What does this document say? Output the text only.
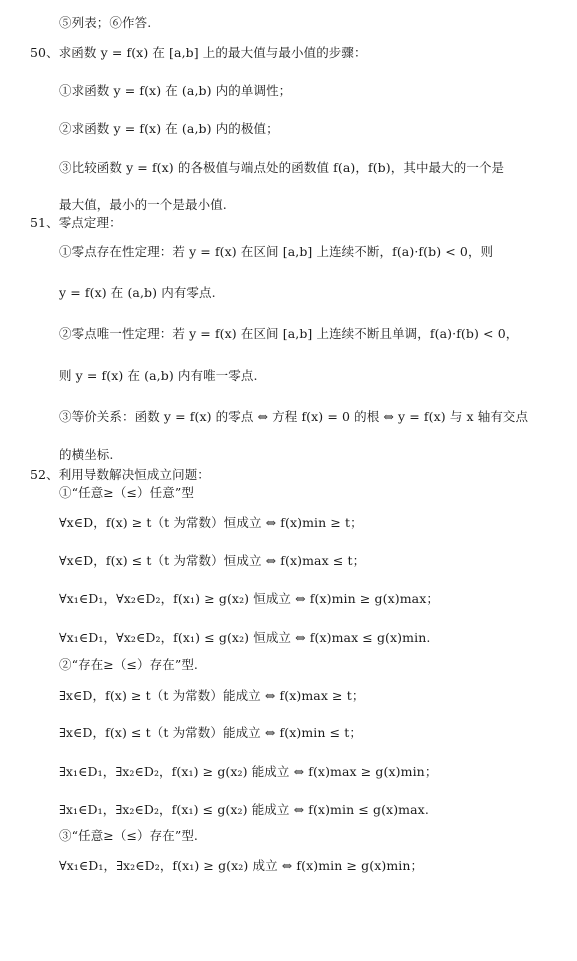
⑤列表；⑥作答.
50、求函数 y = f(x) 在 [a,b] 上的最大值与最小值的步骤：
①求函数 y = f(x) 在 (a,b) 内的单调性；
②求函数 y = f(x) 在 (a,b) 内的极值；
③比较函数 y = f(x) 的各极值与端点处的函数值 f(a)，f(b)，其中最大的一个是
最大值，最小的一个是最小值.
51、零点定理：
①零点存在性定理：若 y = f(x) 在区间 [a,b] 上连续不断，f(a)·f(b) < 0，则
y = f(x) 在 (a,b) 内有零点.
②零点唯一性定理：若 y = f(x) 在区间 [a,b] 上连续不断且单调，f(a)·f(b) < 0，
则 y = f(x) 在 (a,b) 内有唯一零点.
③等价关系：函数 y = f(x) 的零点 ⇔ 方程 f(x) = 0 的根 ⇔ y = f(x) 与 x 轴有交点
的横坐标.
52、利用导数解决恒成立问题：
①“任意≥（≤）任意”型
∀x∈D，f(x) ≥ t（t 为常数）恒成立 ⇔ f(x)min ≥ t；
∀x∈D，f(x) ≤ t（t 为常数）恒成立 ⇔ f(x)max ≤ t；
∀x₁∈D₁，∀x₂∈D₂，f(x₁) ≥ g(x₂) 恒成立 ⇔ f(x)min ≥ g(x)max；
∀x₁∈D₁，∀x₂∈D₂，f(x₁) ≤ g(x₂) 恒成立 ⇔ f(x)max ≤ g(x)min.
②“存在≥（≤）存在”型.
∃x∈D，f(x) ≥ t（t 为常数）能成立 ⇔ f(x)max ≥ t；
∃x∈D，f(x) ≤ t（t 为常数）能成立 ⇔ f(x)min ≤ t；
∃x₁∈D₁，∃x₂∈D₂，f(x₁) ≥ g(x₂) 能成立 ⇔ f(x)max ≥ g(x)min；
∃x₁∈D₁，∃x₂∈D₂，f(x₁) ≤ g(x₂) 能成立 ⇔ f(x)min ≤ g(x)max.
③“任意≥（≤）存在”型.
∀x₁∈D₁，∃x₂∈D₂，f(x₁) ≥ g(x₂) 成立 ⇔ f(x)min ≥ g(x)min；
